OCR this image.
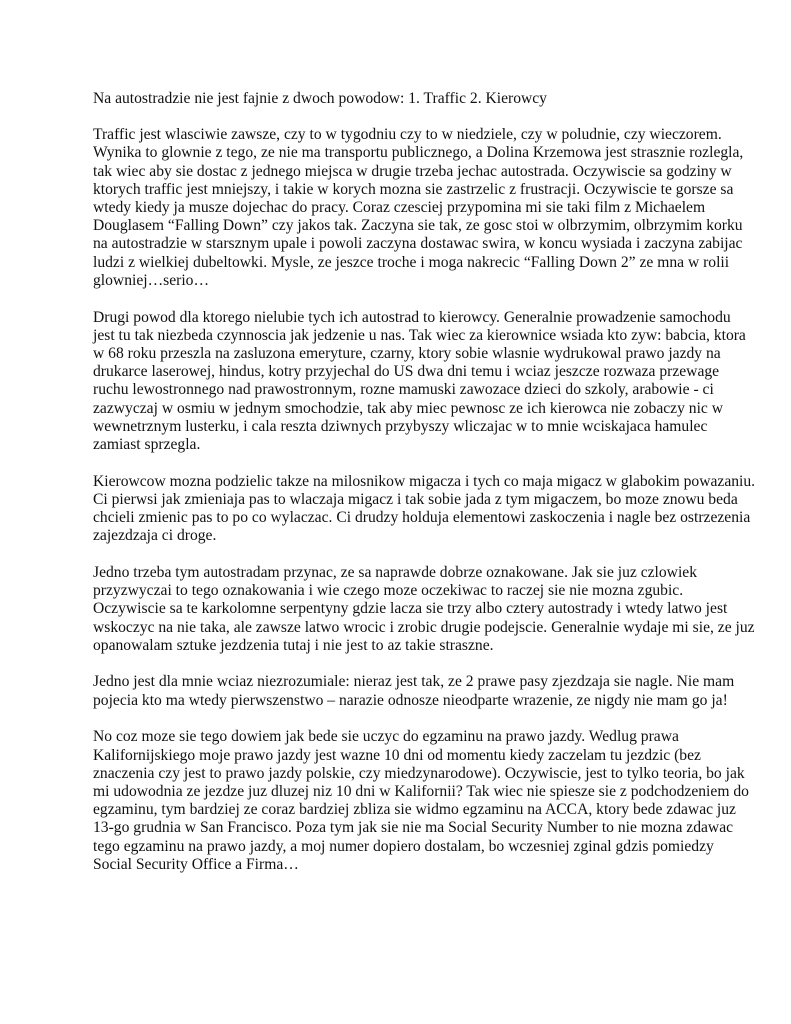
Na autostradzie nie jest fajnie z dwoch powodow: 1. Traffic 2. Kierowcy

Traffic jest wlasciwie zawsze, czy to w tygodniu czy to w niedziele, czy w poludnie, czy wieczorem.
Wynika to glownie z tego, ze nie ma transportu publicznego, a Dolina Krzemowa jest strasznie rozlegla,
tak wiec aby sie dostac z jednego miejsca w drugie trzeba jechac autostrada. Oczywiscie sa godziny w
ktorych traffic jest mniejszy, i takie w korych mozna sie zastrzelic z frustracji. Oczywiscie te gorsze sa
wtedy kiedy ja musze dojechac do pracy. Coraz czesciej przypomina mi sie taki film z Michaelem
Douglasem “Falling Down” czy jakos tak. Zaczyna sie tak, ze gosc stoi w olbrzymim, olbrzymim korku
na autostradzie w starsznym upale i powoli zaczyna dostawac swira, w koncu wysiada i zaczyna zabijac
ludzi z wielkiej dubeltowki. Mysle, ze jeszce troche i moga nakrecic “Falling Down 2” ze mna w rolii
glowniej…serio…

Drugi powod dla ktorego nielubie tych ich autostrad to kierowcy. Generalnie prowadzenie samochodu
jest tu tak niezbeda czynnoscia jak jedzenie u nas. Tak wiec za kierownice wsiada kto zyw: babcia, ktora
w 68 roku przeszla na zasluzona emeryture, czarny, ktory sobie wlasnie wydrukowal prawo jazdy na
drukarce laserowej, hindus, kotry przyjechal do US dwa dni temu i wciaz jeszcze rozwaza przewage
ruchu lewostronnego nad prawostronnym, rozne mamuski zawozace dzieci do szkoly, arabowie - ci
zazwyczaj w osmiu w jednym smochodzie, tak aby miec pewnosc ze ich kierowca nie zobaczy nic w
wewnetrznym lusterku, i cala reszta dziwnych przybyszy wliczajac w to mnie wciskajaca hamulec
zamiast sprzegla.

Kierowcow mozna podzielic takze na milosnikow migacza i tych co maja migacz w glabokim powazaniu.
Ci pierwsi jak zmieniaja pas to wlaczaja migacz i tak sobie jada z tym migaczem, bo moze znowu beda
chcieli zmienic pas to po co wylaczac. Ci drudzy holduja elementowi zaskoczenia i nagle bez ostrzezenia
zajezdzaja ci droge.

Jedno trzeba tym autostradam przynac, ze sa naprawde dobrze oznakowane. Jak sie juz czlowiek
przyzwyczai to tego oznakowania i wie czego moze oczekiwac to raczej sie nie mozna zgubic.
Oczywiscie sa te karkolomne serpentyny gdzie lacza sie trzy albo cztery autostrady i wtedy latwo jest
wskoczyc na nie taka, ale zawsze latwo wrocic i zrobic drugie podejscie. Generalnie wydaje mi sie, ze juz
opanowalam sztuke jezdzenia tutaj i nie jest to az takie straszne.

Jedno jest dla mnie wciaz niezrozumiale: nieraz jest tak, ze 2 prawe pasy zjezdzaja sie nagle. Nie mam
pojecia kto ma wtedy pierwszenstwo – narazie odnosze nieodparte wrazenie, ze nigdy nie mam go ja!

No coz moze sie tego dowiem jak bede sie uczyc do egzaminu na prawo jazdy. Wedlug prawa
Kalifornijskiego moje prawo jazdy jest wazne 10 dni od momentu kiedy zaczelam tu jezdzic (bez
znaczenia czy jest to prawo jazdy polskie, czy miedzynarodowe). Oczywiscie, jest to tylko teoria, bo jak
mi udowodnia ze jezdze juz dluzej niz 10 dni w Kalifornii? Tak wiec nie spiesze sie z podchodzeniem do
egzaminu, tym bardziej ze coraz bardziej zbliza sie widmo egzaminu na ACCA, ktory bede zdawac juz
13-go grudnia w San Francisco. Poza tym jak sie nie ma Social Security Number to nie mozna zdawac
tego egzaminu na prawo jazdy, a moj numer dopiero dostalam, bo wczesniej zginal gdzis pomiedzy
Social Security Office a Firma…
